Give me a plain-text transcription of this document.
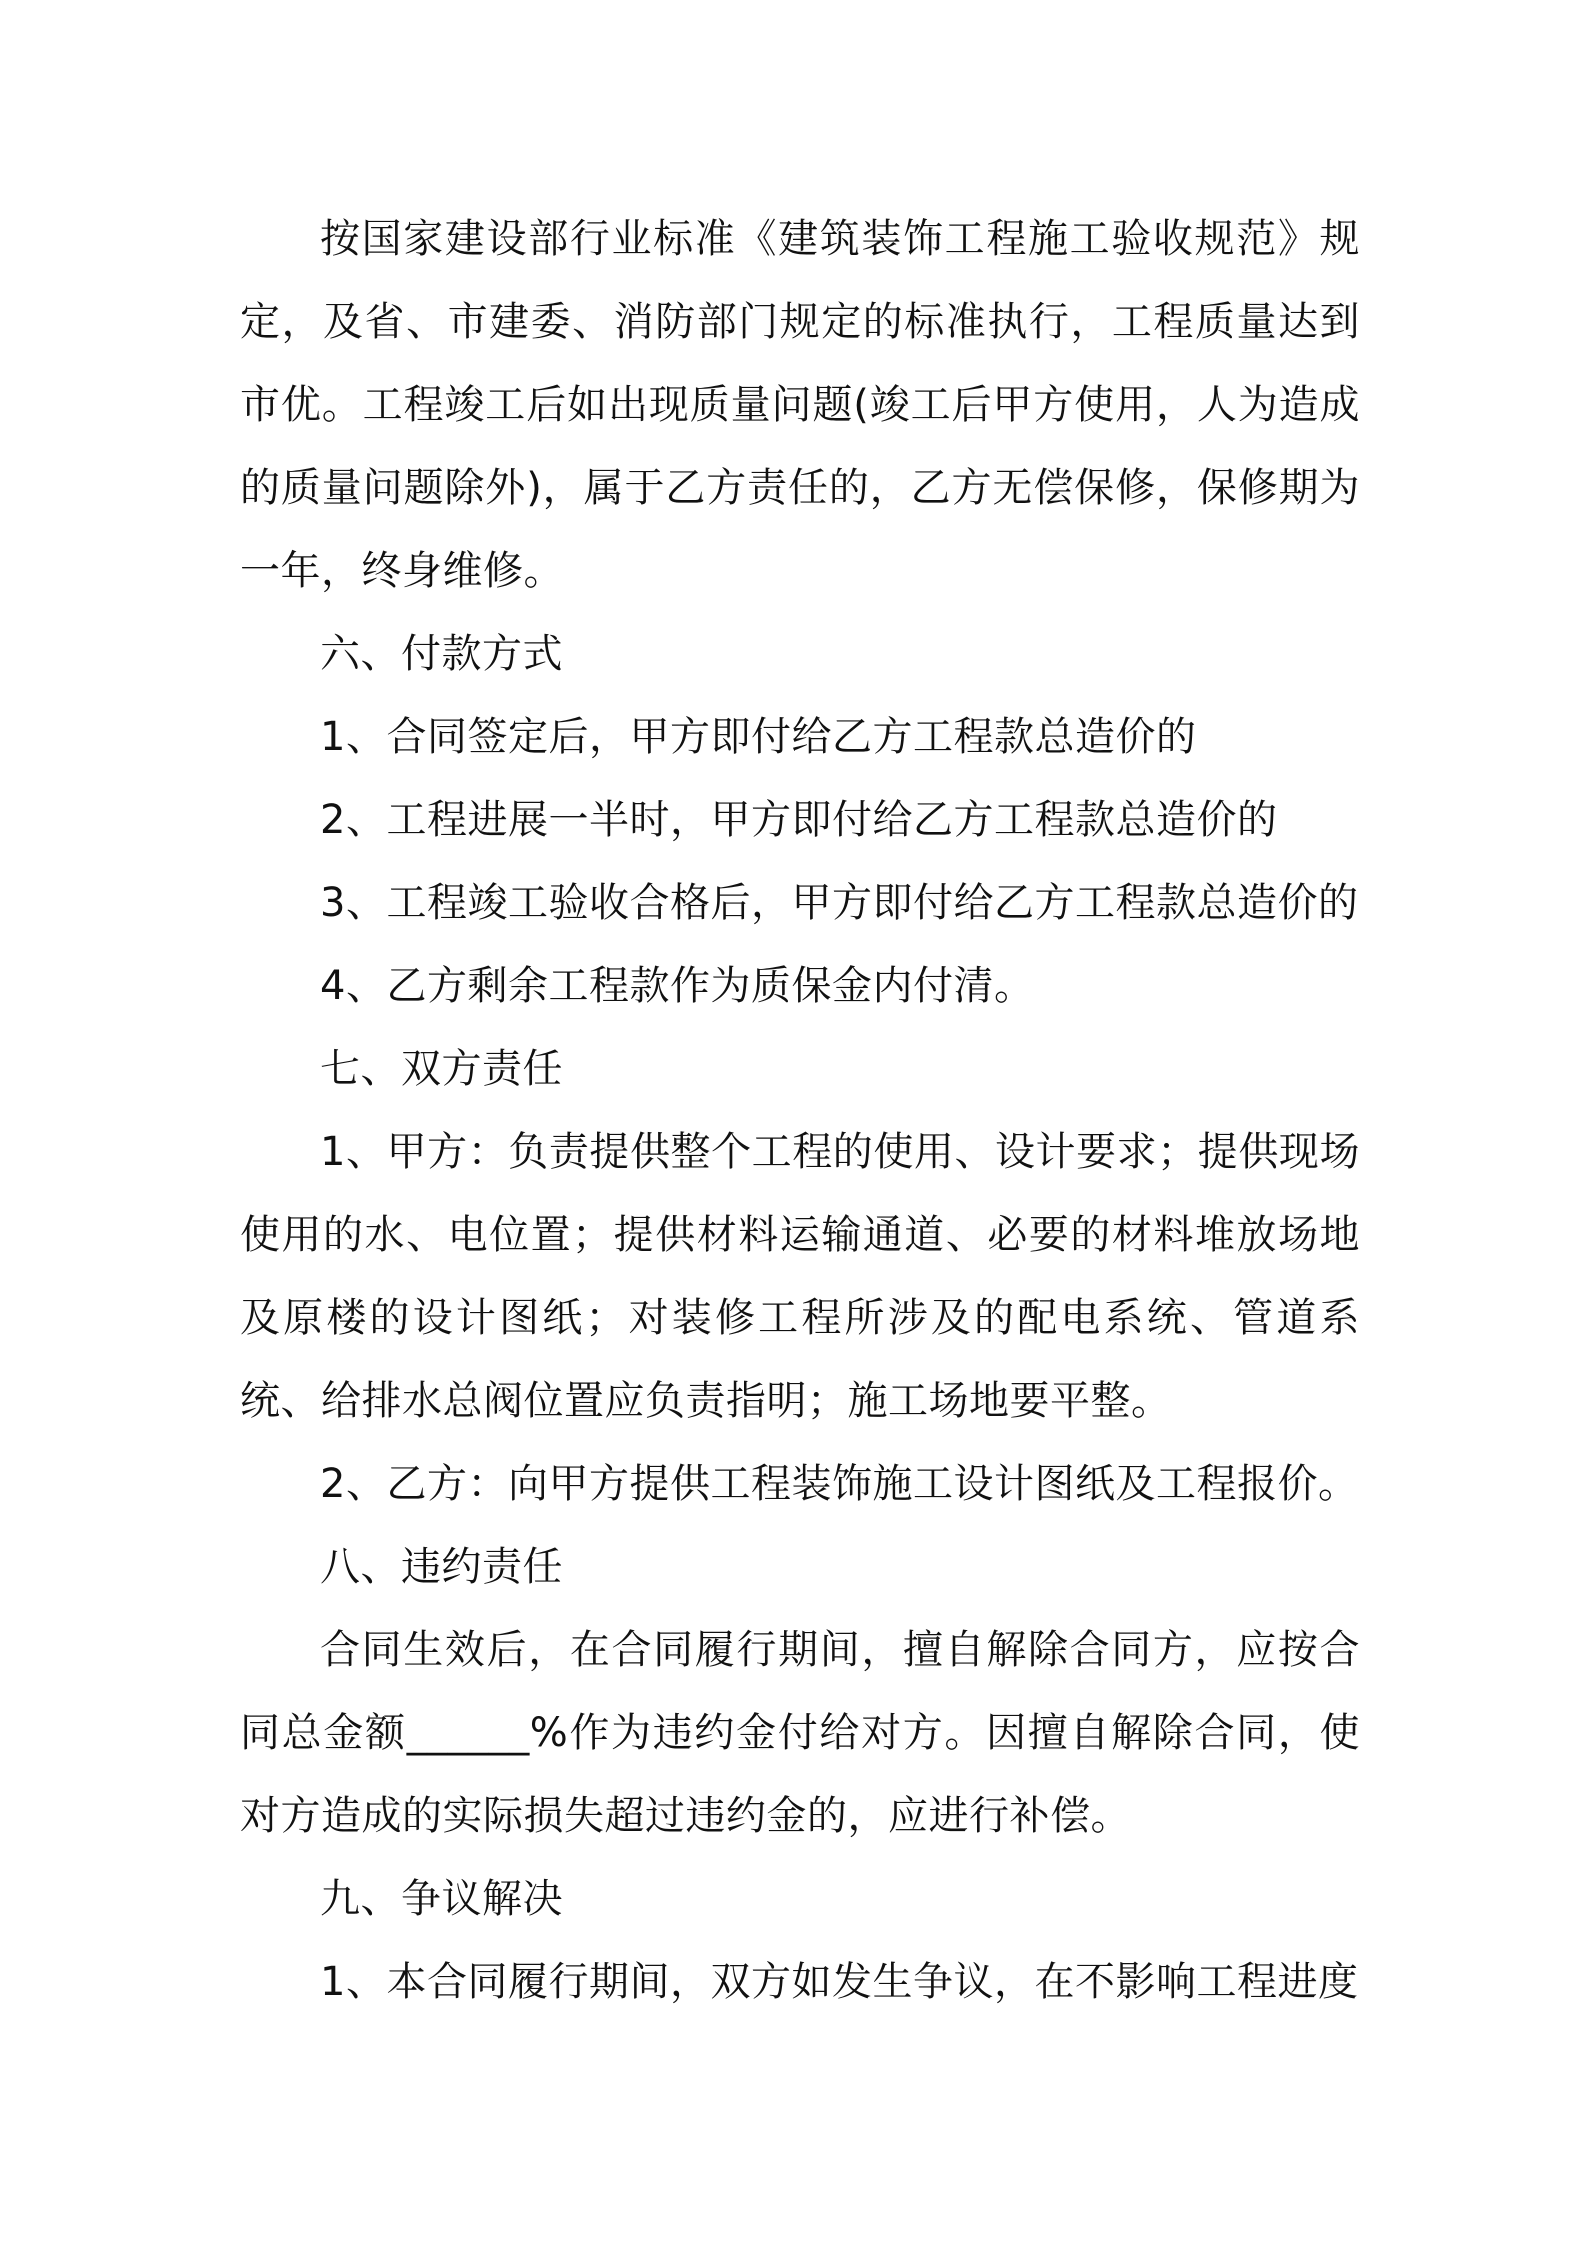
按国家建设部行业标准《建筑装饰工程施工验收规范》规定，及省、市建委、消防部门规定的标准执行，工程质量达到市优。工程竣工后如出现质量问题(竣工后甲方使用，人为造成的质量问题除外)，属于乙方责任的，乙方无偿保修，保修期为一年，终身维修。

六、付款方式

1、合同签定后，甲方即付给乙方工程款总造价的

2、工程进展一半时，甲方即付给乙方工程款总造价的

3、工程竣工验收合格后，甲方即付给乙方工程款总造价的

4、乙方剩余工程款作为质保金内付清。

七、双方责任

1、甲方：负责提供整个工程的使用、设计要求；提供现场使用的水、电位置；提供材料运输通道、必要的材料堆放场地及原楼的设计图纸；对装修工程所涉及的配电系统、管道系统、给排水总阀位置应负责指明；施工场地要平整。

2、乙方：向甲方提供工程装饰施工设计图纸及工程报价。

八、违约责任

合同生效后，在合同履行期间，擅自解除合同方，应按合同总金额______%作为违约金付给对方。因擅自解除合同，使对方造成的实际损失超过违约金的，应进行补偿。

九、争议解决

1、本合同履行期间，双方如发生争议，在不影响工程进度
